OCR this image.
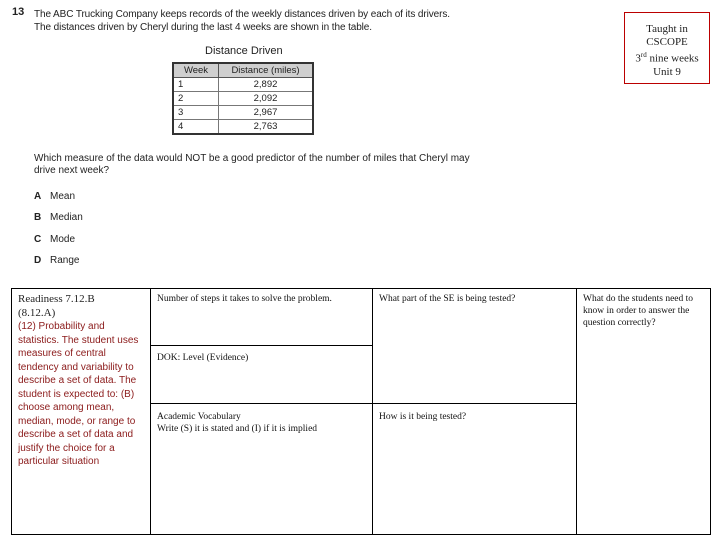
13 The ABC Trucking Company keeps records of the weekly distances driven by each of its drivers. The distances driven by Cheryl during the last 4 weeks are shown in the table.
Distance Driven
Week	Distance (miles)
1	2,892
2	2,092
3	2,967
4	2,763
Which measure of the data would NOT be a good predictor of the number of miles that Cheryl may drive next week?
A Mean
B Median
C Mode
D Range
Taught in
CSCOPE
3rd nine weeks
Unit 9
Readiness 7.12.B
(8.12.A)
(12) Probability and statistics. The student uses measures of central tendency and variability to describe a set of data. The student is expected to: (B) choose among mean, median, mode, or range to describe a set of data and justify the choice for a particular situation
Number of steps it takes to solve the problem.
DOK: Level (Evidence)
Academic Vocabulary
Write (S) it is stated and (I) if it is implied
What part of the SE is being tested?
How is it being tested?
What do the students need to know in order to answer the question correctly?
